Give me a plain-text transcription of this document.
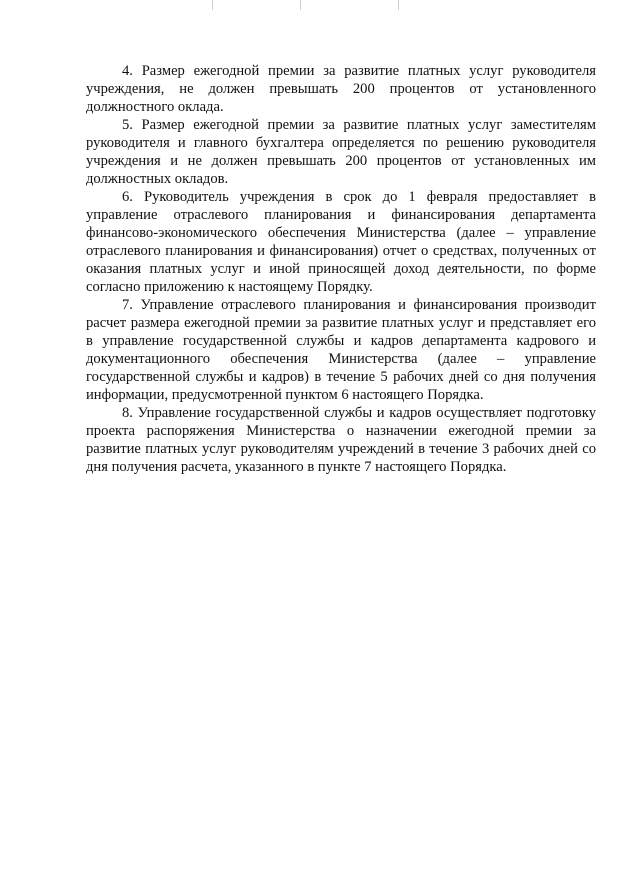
4. Размер ежегодной премии за развитие платных услуг руководителя учреждения, не должен превышать 200 процентов от установленного должностного оклада.

5. Размер ежегодной премии за развитие платных услуг заместителям руководителя и главного бухгалтера определяется по решению руководителя учреждения и не должен превышать 200 процентов от установленных им должностных окладов.

6. Руководитель учреждения в срок до 1 февраля предоставляет в управление отраслевого планирования и финансирования департамента финансово-экономического обеспечения Министерства (далее – управление отраслевого планирования и финансирования) отчет о средствах, полученных от оказания платных услуг и иной приносящей доход деятельности, по форме согласно приложению к настоящему Порядку.

7. Управление отраслевого планирования и финансирования производит расчет размера ежегодной премии за развитие платных услуг и представляет его в управление государственной службы и кадров департамента кадрового и документационного обеспечения Министерства (далее – управление государственной службы и кадров) в течение 5 рабочих дней со дня получения информации, предусмотренной пунктом 6 настоящего Порядка.

8. Управление государственной службы и кадров осуществляет подготовку проекта распоряжения Министерства о назначении ежегодной премии за развитие платных услуг руководителям учреждений в течение 3 рабочих дней со дня получения расчета, указанного в пункте 7 настоящего Порядка.
